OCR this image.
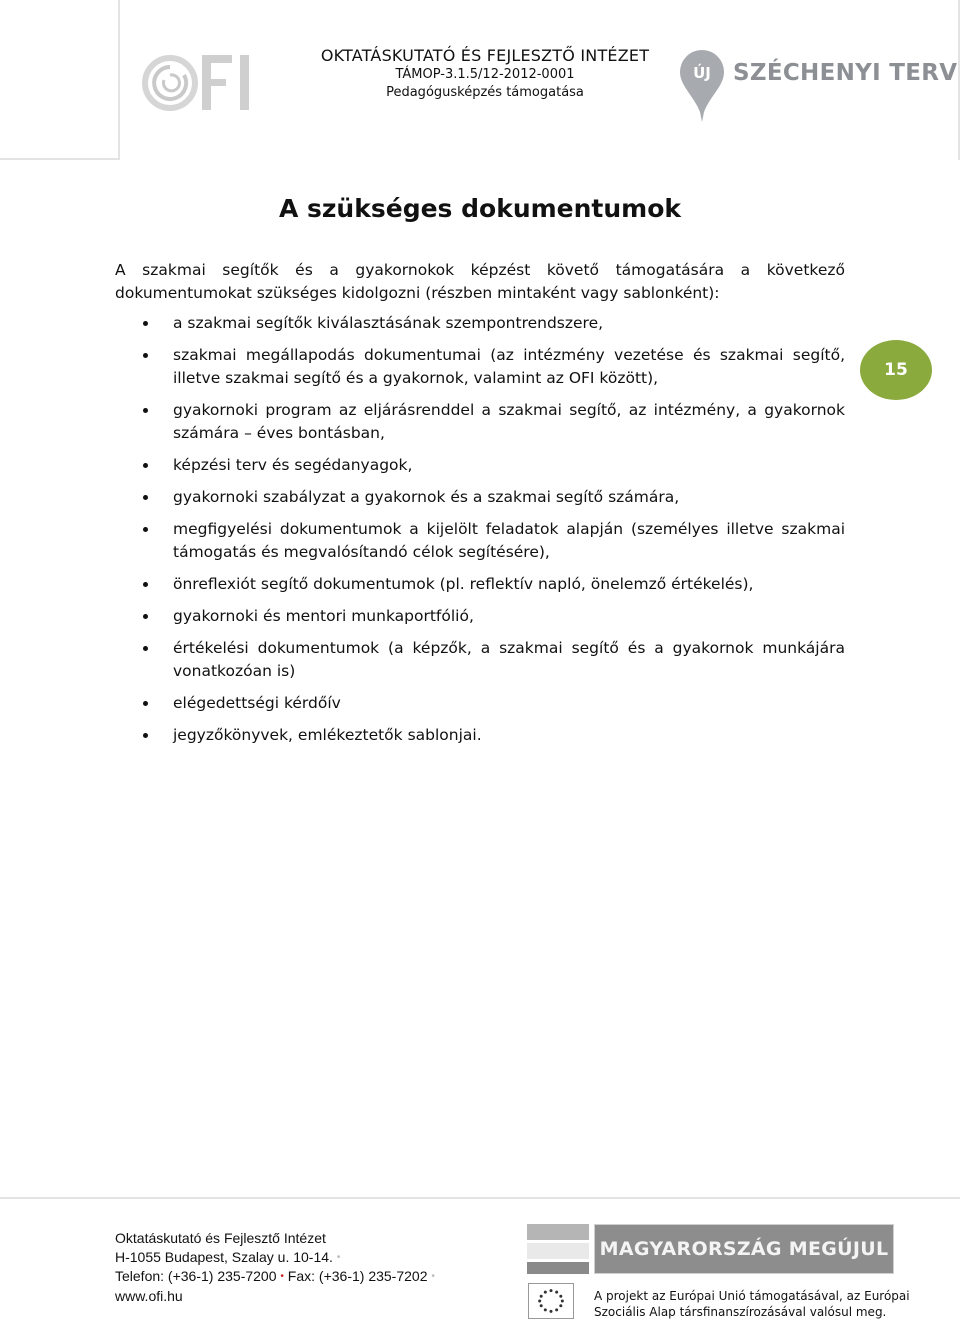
OKTATÁSKUTATÓ ÉS FEJLESZTŐ INTÉZET
TÁMOP-3.1.5/12-2012-0001
Pedagógusképzés támogatása
ÚJ SZÉCHENYI TERV
A szükséges dokumentumok

A szakmai segítők és a gyakornokok képzést követő támogatására a következő dokumentumokat szükséges kidolgozni (részben mintaként vagy sablonként):

a szakmai segítők kiválasztásának szempontrendszere,
szakmai megállapodás dokumentumai (az intézmény vezetése és szakmai segítő, illetve szakmai segítő és a gyakornok, valamint az OFI között),
gyakornoki program az eljárásrenddel a szakmai segítő, az intézmény, a gyakornok számára – éves bontásban,
képzési terv és segédanyagok,
gyakornoki szabályzat a gyakornok és a szakmai segítő számára,
megfigyelési dokumentumok a kijelölt feladatok alapján (személyes illetve szakmai támogatás és megvalósítandó célok segítésére),
önreflexiót segítő dokumentumok (pl. reflektív napló, önelemző értékelés),
gyakornoki és mentori munkaportfólió,
értékelési dokumentumok (a képzők, a szakmai segítő és a gyakornok munkájára vonatkozóan is)
elégedettségi kérdőív
jegyzőkönyvek, emlékeztetők sablonjai.
15
Oktatáskutató és Fejlesztő Intézet
H-1055 Budapest, Szalay u. 10-14. •
Telefon: (+36-1) 235-7200 • Fax: (+36-1) 235-7202 •
www.ofi.hu
MAGYARORSZÁG MEGÚJUL
A projekt az Európai Unió támogatásával, az Európai
Szociális Alap társfinanszírozásával valósul meg.
